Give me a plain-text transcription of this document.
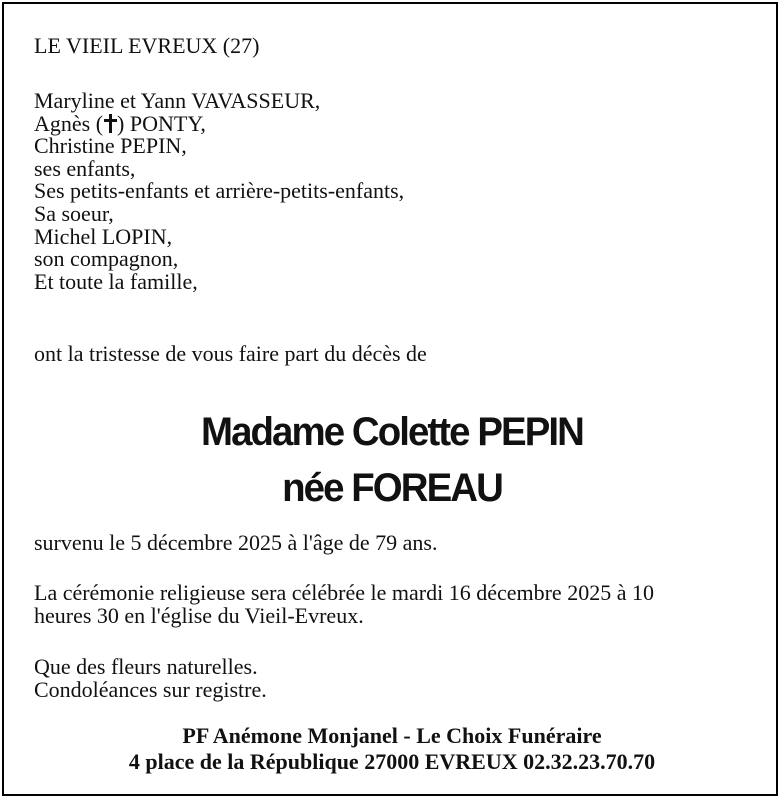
LE VIEIL EVREUX (27)

Maryline et Yann VAVASSEUR,
Agnès ( ) PONTY,
Christine PEPIN,
ses enfants,
Ses petits-enfants et arrière-petits-enfants,
Sa soeur,
Michel LOPIN,
son compagnon,
Et toute la famille,

ont la tristesse de vous faire part du décès de

Madame Colette PEPIN
née FOREAU

survenu le 5 décembre 2025 à l'âge de 79 ans.

La cérémonie religieuse sera célébrée le mardi 16 décembre 2025 à 10
heures 30 en l'église du Vieil-Evreux.

Que des fleurs naturelles.
Condoléances sur registre.

PF Anémone Monjanel - Le Choix Funéraire
4 place de la République 27000 EVREUX 02.32.23.70.70
